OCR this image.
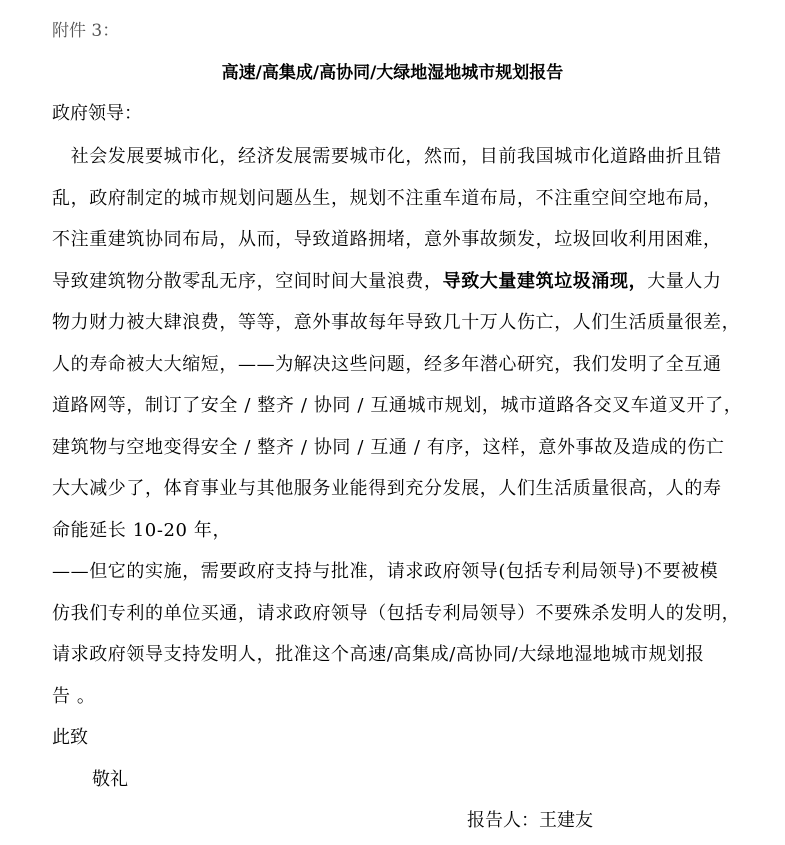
附件 3：
高速/高集成/高协同/大绿地湿地城市规划报告
政府领导：
　社会发展要城市化，经济发展需要城市化，然而，目前我国城市化道路曲折且错
乱，政府制定的城市规划问题丛生，规划不注重车道布局，不注重空间空地布局，
不注重建筑协同布局，从而，导致道路拥堵，意外事故频发，垃圾回收利用困难，
导致建筑物分散零乱无序，空间时间大量浪费，导致大量建筑垃圾涌现，大量人力
物力财力被大肆浪费，等等，意外事故每年导致几十万人伤亡，人们生活质量很差，
人的寿命被大大缩短，——为解决这些问题，经多年潜心研究，我们发明了全互通
道路网等，制订了安全 / 整齐 / 协同 / 互通城市规划，城市道路各交叉车道叉开了，
建筑物与空地变得安全 / 整齐 / 协同 / 互通 / 有序，这样，意外事故及造成的伤亡
大大减少了，体育事业与其他服务业能得到充分发展，人们生活质量很高，人的寿
命能延长 10-20 年，
——但它的实施，需要政府支持与批准，请求政府领导(包括专利局领导)不要被模
仿我们专利的单位买通，请求政府领导（包括专利局领导）不要殊杀发明人的发明，
请求政府领导支持发明人，批准这个高速/高集成/高协同/大绿地湿地城市规划报
告 。
此致
敬礼
报告人：王建友
